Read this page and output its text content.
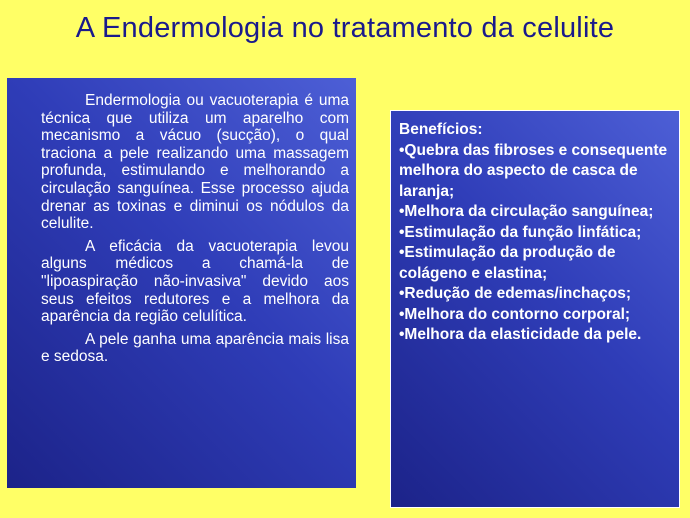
A Endermologia no tratamento da celulite

Endermologia ou vacuoterapia é uma técnica que utiliza um aparelho com mecanismo a vácuo (sucção), o qual traciona a pele realizando uma massagem profunda, estimulando e melhorando a circulação sanguínea. Esse processo ajuda drenar as toxinas e diminui os nódulos da celulite.

A eficácia da vacuoterapia levou alguns médicos a chamá-la de "lipoaspiração não-invasiva" devido aos seus efeitos redutores e a melhora da aparência da região celulítica.

A pele ganha uma aparência mais lisa e sedosa.

Benefícios:
•Quebra das fibroses e consequente melhora do aspecto de casca de laranja;
•Melhora da circulação sanguínea;
•Estimulação da função linfática;
•Estimulação da produção de colágeno e elastina;
•Redução de edemas/inchaços;
•Melhora do contorno corporal;
•Melhora da elasticidade da pele.
